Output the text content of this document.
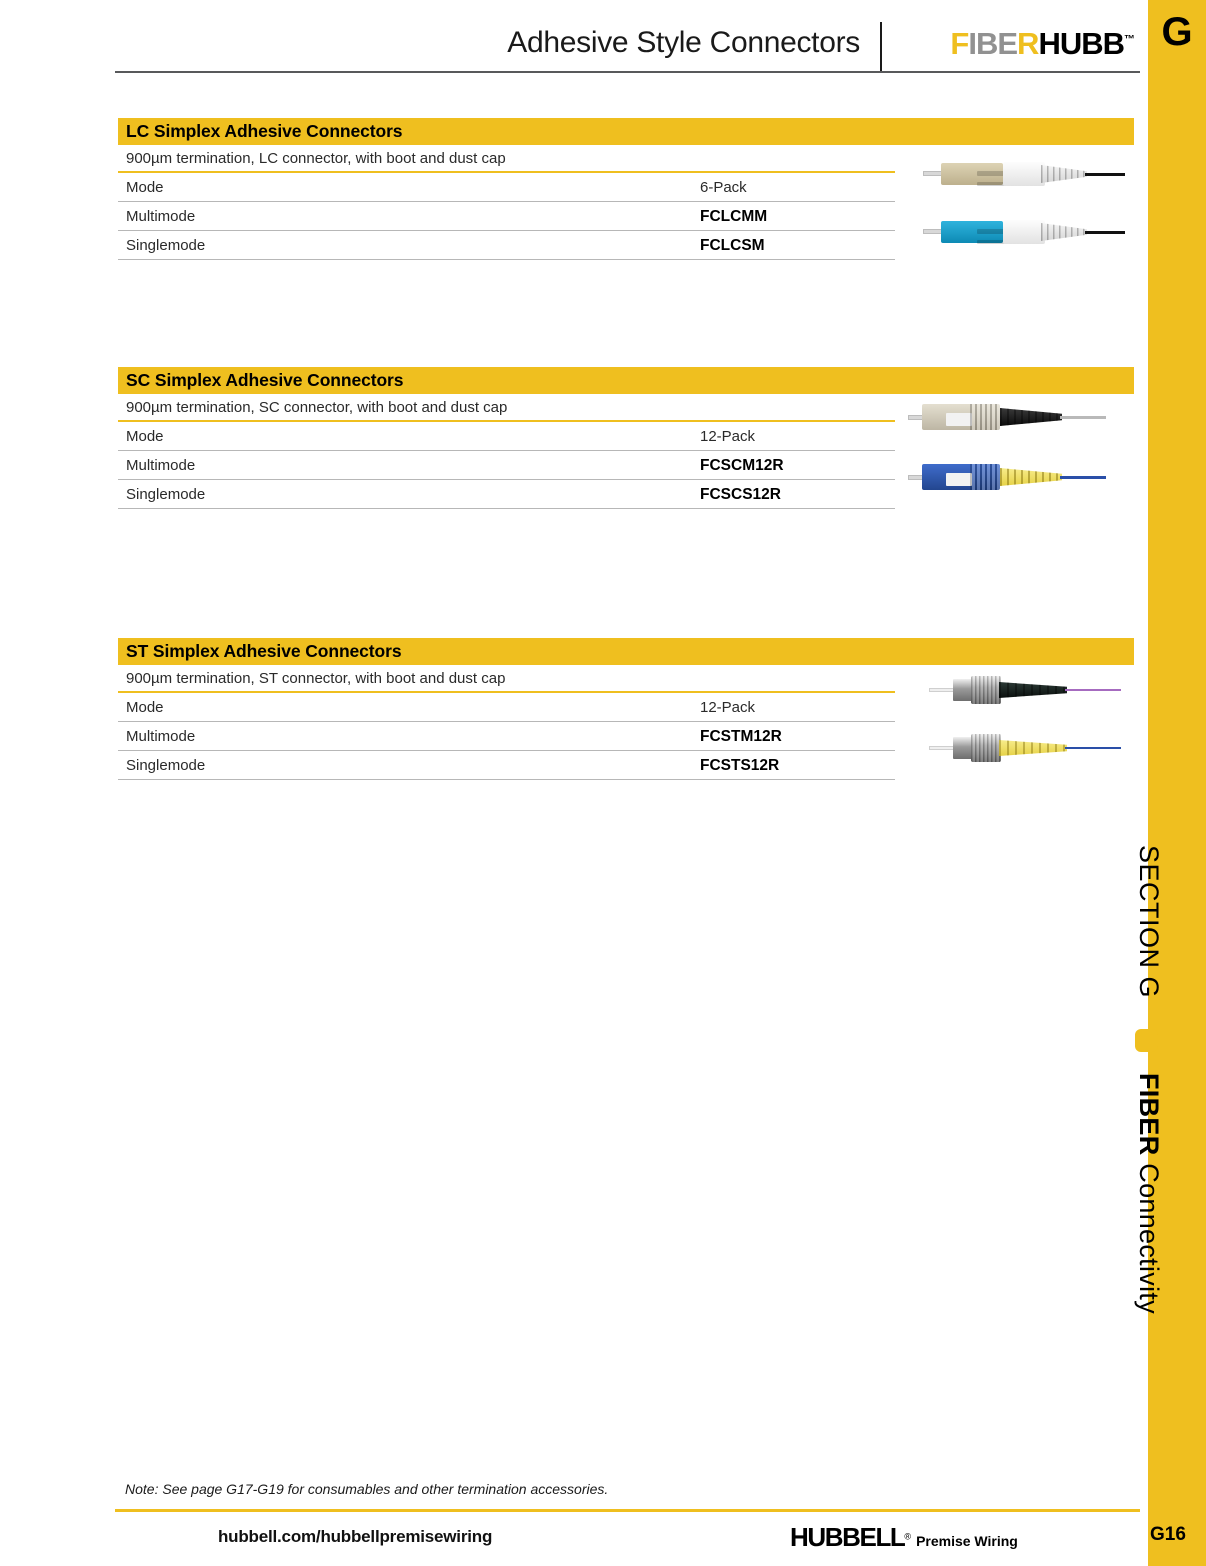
G
SECTION G
FIBER Connectivity
Adhesive Style Connectors	FIBERHUBB™
LC Simplex Adhesive Connectors
900µm termination, LC connector, with boot and dust cap
Mode	6-Pack
Multimode	FCLCMM
Singlemode	FCLCSM
SC Simplex Adhesive Connectors
900µm termination, SC connector, with boot and dust cap
Mode	12-Pack
Multimode	FCSCM12R
Singlemode	FCSCS12R
ST Simplex Adhesive Connectors
900µm termination, ST connector, with boot and dust cap
Mode	12-Pack
Multimode	FCSTM12R
Singlemode	FCSTS12R
Note: See page G17-G19 for consumables and other termination accessories.
hubbell.com/hubbellpremisewiring	HUBBELL® Premise Wiring	G16
